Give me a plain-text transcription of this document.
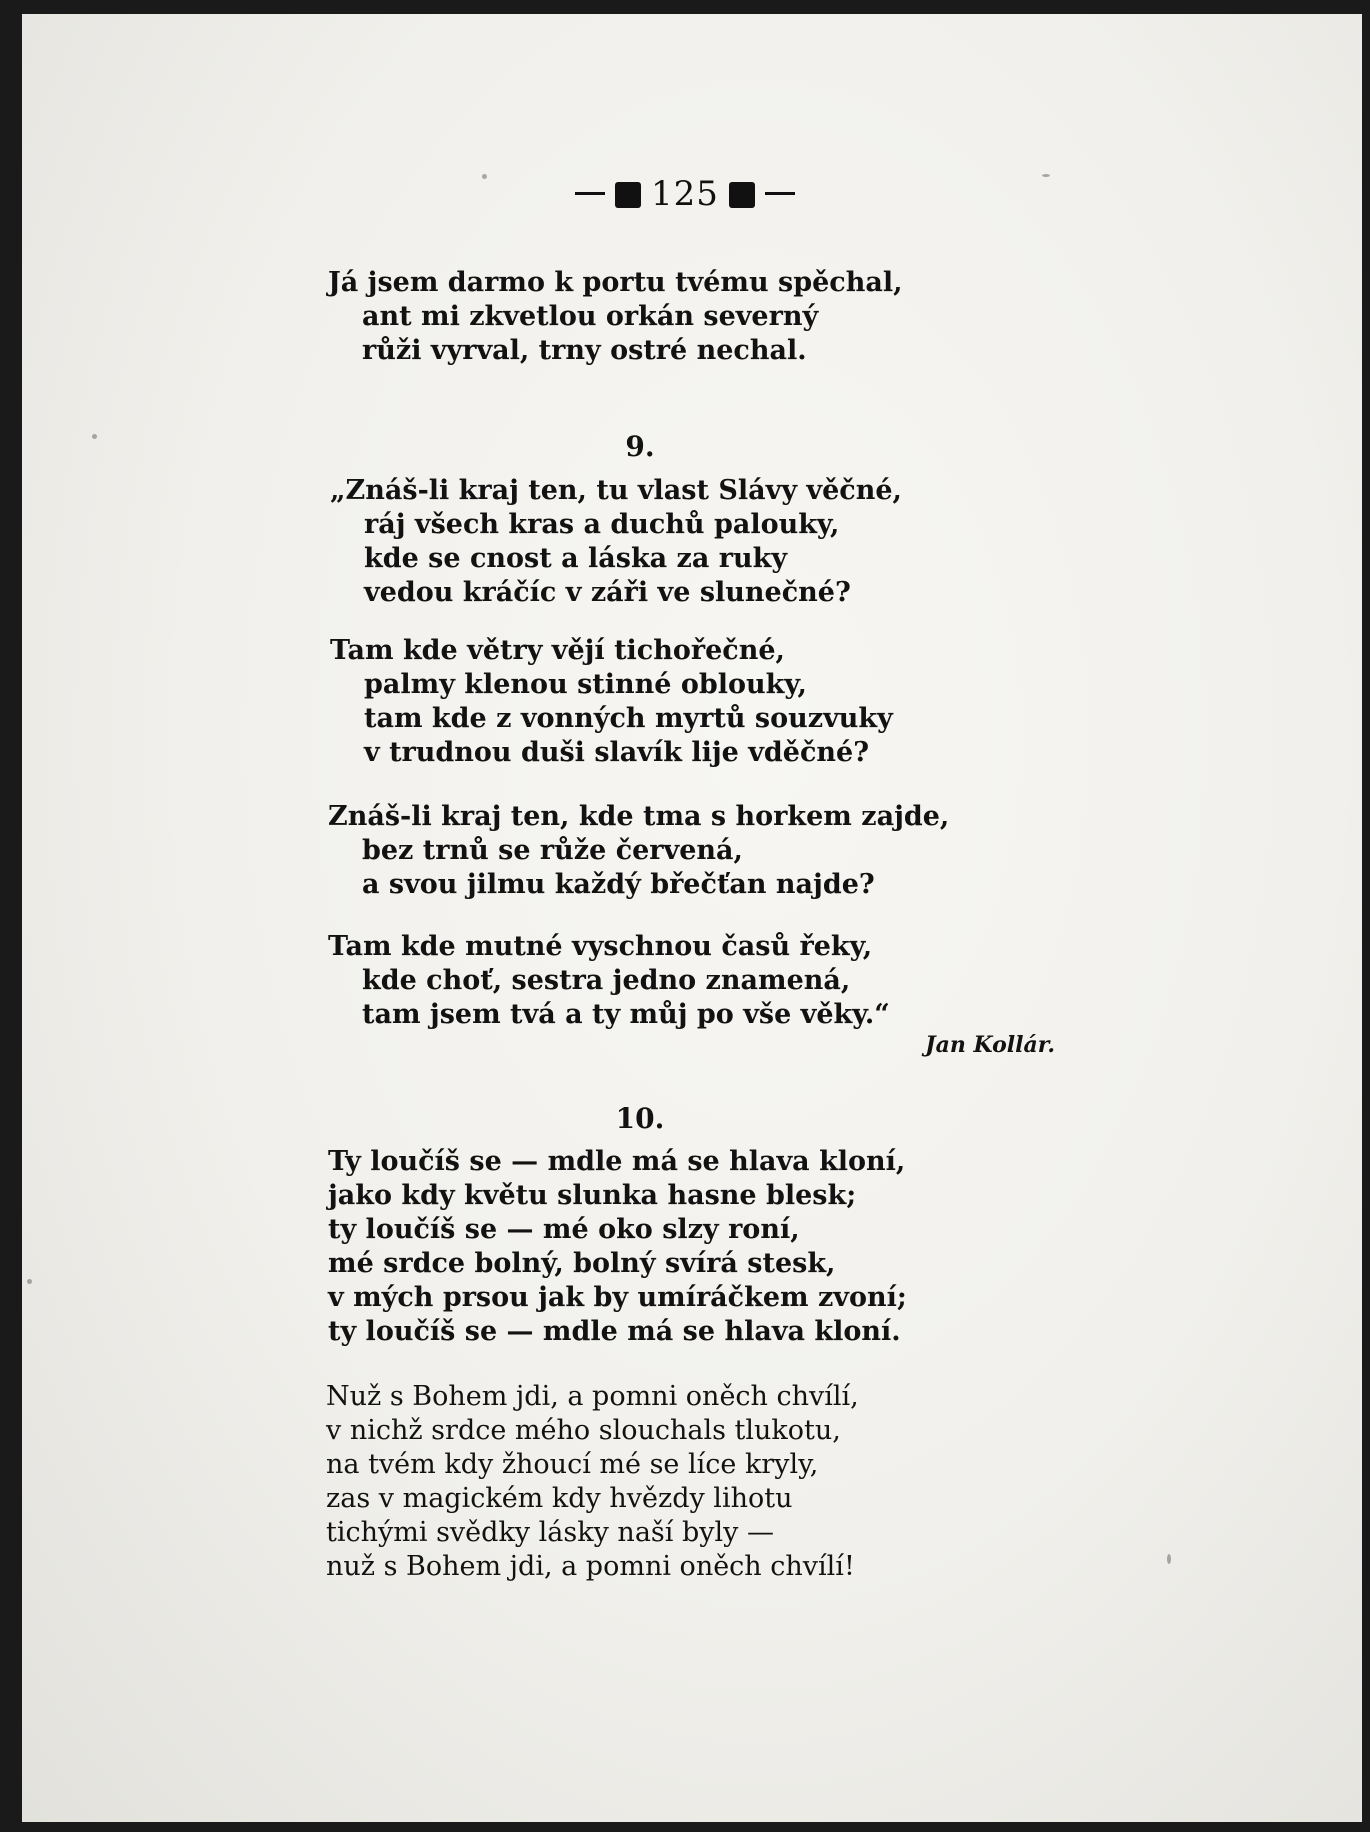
125
Já jsem darmo k portu tvému spěchal,
ant mi zkvetlou orkán severný
růži vyrval, trny ostré nechal.
9.
„Znáš-li kraj ten, tu vlast Slávy věčné,
ráj všech kras a duchů palouky,
kde se cnost a láska za ruky
vedou kráčíc v záři ve slunečné?
Tam kde větry vějí tichořečné,
palmy klenou stinné oblouky,
tam kde z vonných myrtů souzvuky
v trudnou duši slavík lije vděčné?
Znáš-li kraj ten, kde tma s horkem zajde,
bez trnů se růže červená,
a svou jilmu každý břečťan najde?
Tam kde mutné vyschnou časů řeky,
kde choť, sestra jedno znamená,
tam jsem tvá a ty můj po vše věky.“
Jan Kollár.
10.
Ty loučíš se — mdle má se hlava kloní,
jako kdy květu slunka hasne blesk;
ty loučíš se — mé oko slzy roní,
mé srdce bolný, bolný svírá stesk,
v mých prsou jak by umíráčkem zvoní;
ty loučíš se — mdle má se hlava kloní.
Nuž s Bohem jdi, a pomni oněch chvílí,
v nichž srdce mého slouchals tlukotu,
na tvém kdy žhoucí mé se líce kryly,
zas v magickém kdy hvězdy lihotu
tichými svědky lásky naší byly —
nuž s Bohem jdi, a pomni oněch chvílí!
